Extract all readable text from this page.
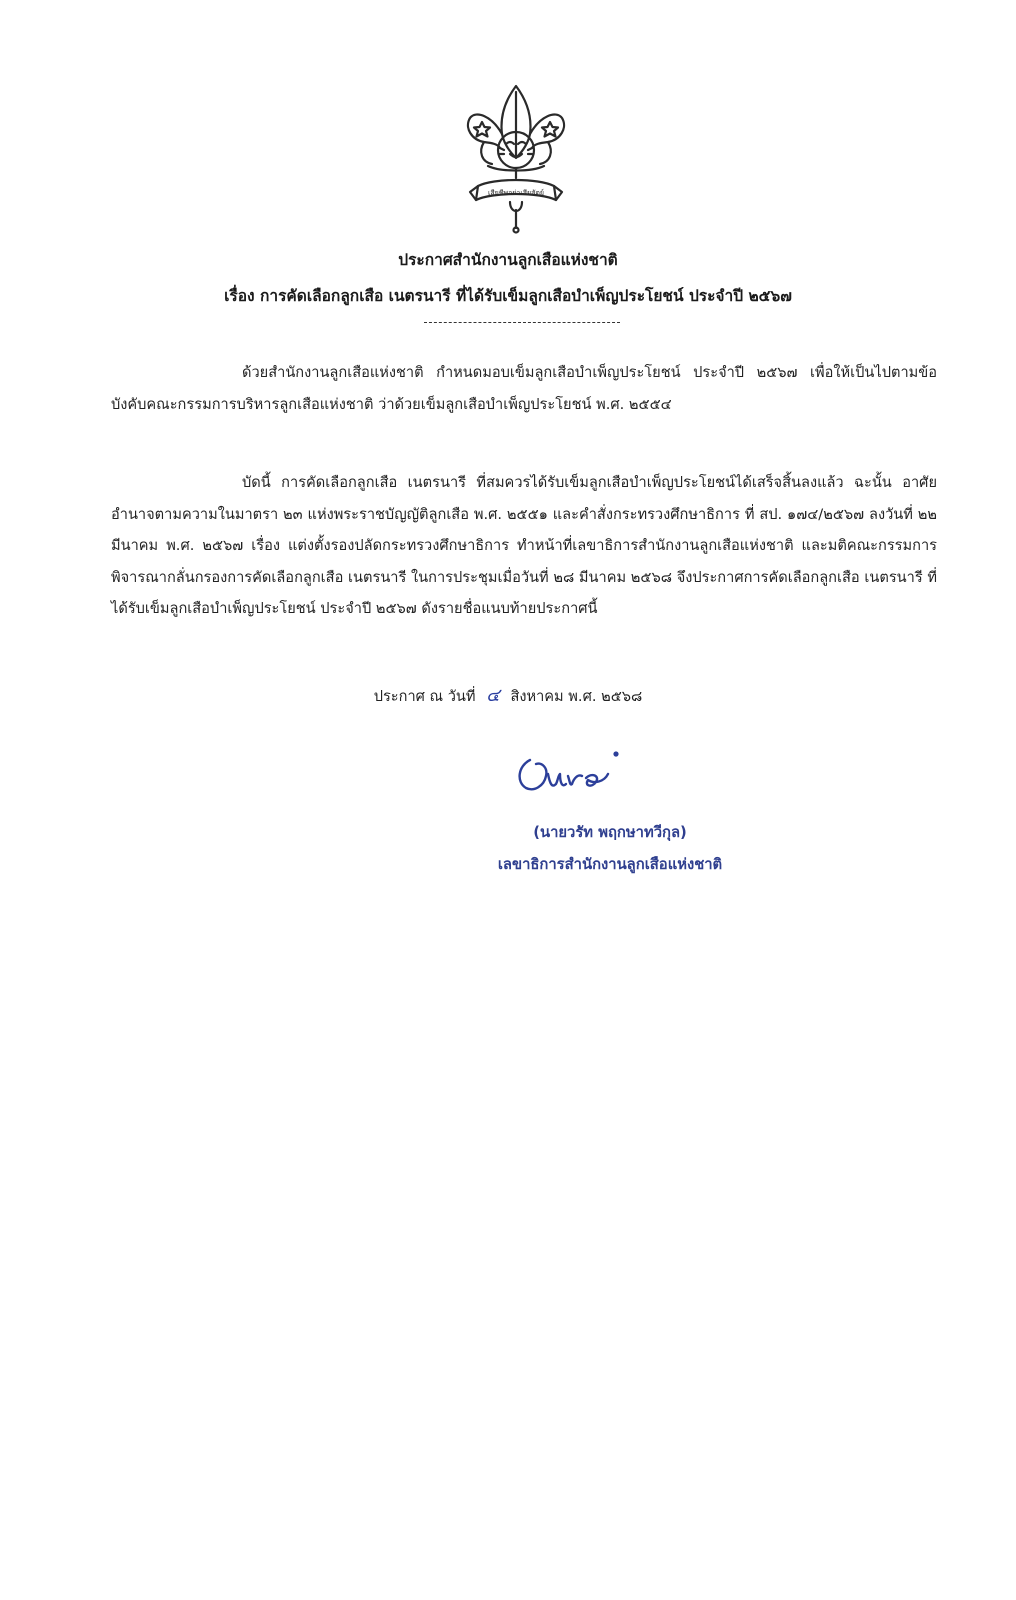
เสียชีพอย่าเสียสัตย์
ประกาศสำนักงานลูกเสือแห่งชาติ
เรื่อง การคัดเลือกลูกเสือ เนตรนารี ที่ได้รับเข็มลูกเสือบำเพ็ญประโยชน์ ประจำปี ๒๕๖๗
ด้วยสำนักงานลูกเสือแห่งชาติ กำหนดมอบเข็มลูกเสือบำเพ็ญประโยชน์ ประจำปี ๒๕๖๗ เพื่อให้เป็นไปตามข้อบังคับคณะกรรมการบริหารลูกเสือแห่งชาติ ว่าด้วยเข็มลูกเสือบำเพ็ญประโยชน์ พ.ศ. ๒๕๕๔
บัดนี้ การคัดเลือกลูกเสือ เนตรนารี ที่สมควรได้รับเข็มลูกเสือบำเพ็ญประโยชน์ได้เสร็จสิ้นลงแล้ว ฉะนั้น อาศัยอำนาจตามความในมาตรา ๒๓ แห่งพระราชบัญญัติลูกเสือ พ.ศ. ๒๕๕๑ และคำสั่งกระทรวงศึกษาธิการ ที่ สป. ๑๗๔/๒๕๖๗ ลงวันที่ ๒๒ มีนาคม พ.ศ. ๒๕๖๗ เรื่อง แต่งตั้งรองปลัดกระทรวงศึกษาธิการ ทำหน้าที่เลขาธิการสำนักงานลูกเสือแห่งชาติ และมติคณะกรรมการพิจารณากลั่นกรองการคัดเลือกลูกเสือ เนตรนารี ในการประชุมเมื่อวันที่ ๒๘ มีนาคม ๒๕๖๘ จึงประกาศการคัดเลือกลูกเสือ เนตรนารี ที่ได้รับเข็มลูกเสือบำเพ็ญประโยชน์ ประจำปี ๒๕๖๗ ดังรายชื่อแนบท้ายประกาศนี้
ประกาศ ณ วันที่ ๔ สิงหาคม พ.ศ. ๒๕๖๘
(นายวรัท พฤกษาทวีกุล)
เลขาธิการสำนักงานลูกเสือแห่งชาติ
